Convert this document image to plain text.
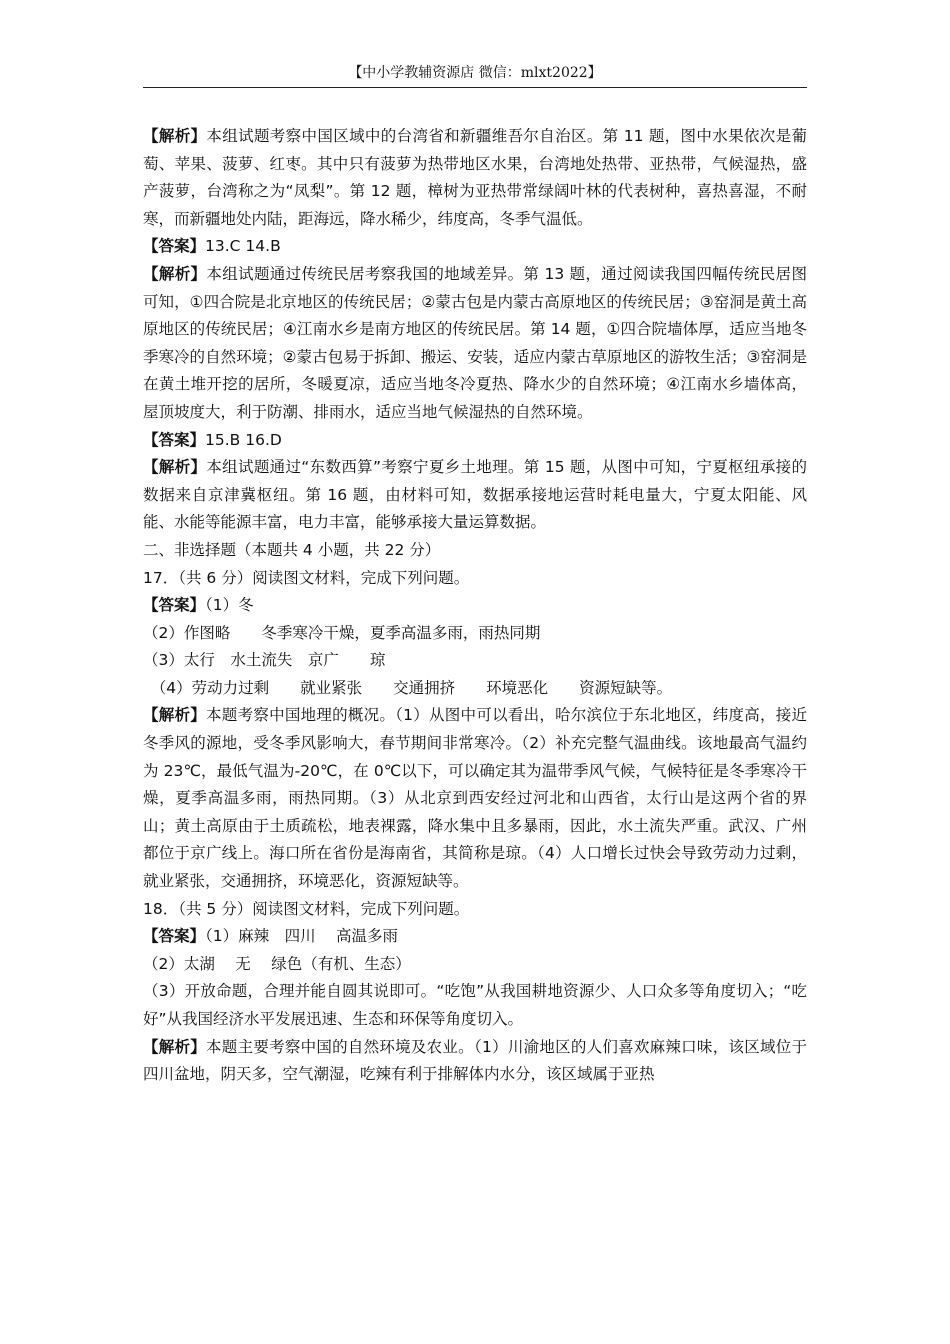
【中小学教辅资源店 微信：mlxt2022】

【解析】本组试题考察中国区域中的台湾省和新疆维吾尔自治区。第 11 题，图中水果依次是葡萄、苹果、菠萝、红枣。其中只有菠萝为热带地区水果，台湾地处热带、亚热带，气候湿热，盛产菠萝，台湾称之为“凤梨”。第 12 题，樟树为亚热带常绿阔叶林的代表树种，喜热喜湿，不耐寒，而新疆地处内陆，距海远，降水稀少，纬度高，冬季气温低。

【答案】13.C 14.B

【解析】本组试题通过传统民居考察我国的地域差异。第 13 题，通过阅读我国四幅传统民居图可知，①四合院是北京地区的传统民居；②蒙古包是内蒙古高原地区的传统民居；③窑洞是黄土高原地区的传统民居；④江南水乡是南方地区的传统民居。第 14 题，①四合院墙体厚，适应当地冬季寒冷的自然环境；②蒙古包易于拆卸、搬运、安装，适应内蒙古草原地区的游牧生活；③窑洞是在黄土堆开挖的居所，冬暖夏凉，适应当地冬冷夏热、降水少的自然环境；④江南水乡墙体高，屋顶坡度大，利于防潮、排雨水，适应当地气候湿热的自然环境。

【答案】15.B 16.D

【解析】本组试题通过“东数西算”考察宁夏乡土地理。第 15 题，从图中可知，宁夏枢纽承接的数据来自京津冀枢纽。第 16 题，由材料可知，数据承接地运营时耗电量大，宁夏太阳能、风能、水能等能源丰富，电力丰富，能够承接大量运算数据。

二、非选择题（本题共 4 小题，共 22 分）

17．（共 6 分）阅读图文材料，完成下列问题。

【答案】（1）冬

（2）作图略　　冬季寒冷干燥，夏季高温多雨，雨热同期

（3）太行　水土流失　京广　　琼

　（4）劳动力过剩　　就业紧张　　交通拥挤　　环境恶化　　资源短缺等。

【解析】本题考察中国地理的概况。（1）从图中可以看出，哈尔滨位于东北地区，纬度高，接近冬季风的源地，受冬季风影响大，春节期间非常寒冷。（2）补充完整气温曲线。该地最高气温约为 23℃，最低气温为-20℃，在 0℃以下，可以确定其为温带季风气候，气候特征是冬季寒冷干燥，夏季高温多雨，雨热同期。（3）从北京到西安经过河北和山西省，太行山是这两个省的界山；黄土高原由于土质疏松，地表裸露，降水集中且多暴雨，因此，水土流失严重。武汉、广州都位于京广线上。海口所在省份是海南省，其简称是琼。（4）人口增长过快会导致劳动力过剩，就业紧张，交通拥挤，环境恶化，资源短缺等。

18．（共 5 分）阅读图文材料，完成下列问题。

【答案】（1）麻辣　四川　 高温多雨

（2）太湖　 无　 绿色（有机、生态）

（3）开放命题，合理并能自圆其说即可。“吃饱”从我国耕地资源少、人口众多等角度切入；“吃好”从我国经济水平发展迅速、生态和环保等角度切入。

【解析】本题主要考察中国的自然环境及农业。（1）川渝地区的人们喜欢麻辣口味，该区域位于四川盆地，阴天多，空气潮湿，吃辣有利于排解体内水分，该区域属于亚热
